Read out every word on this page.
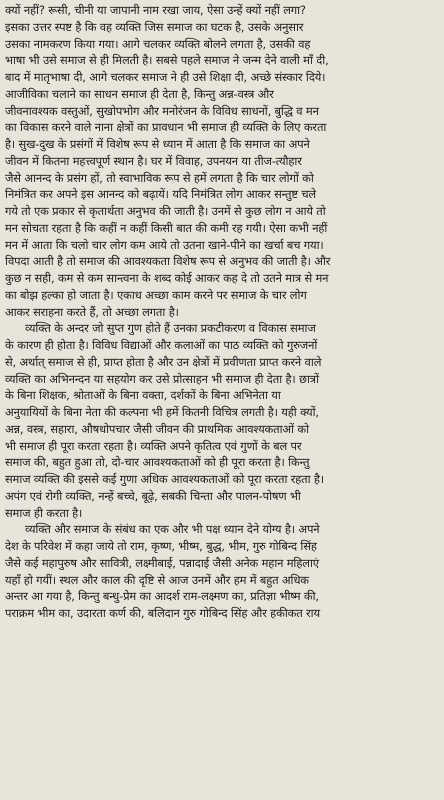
क्यों नहीं? रूसी, चीनी या जापानी नाम रखा जाय, ऐसा उन्हें क्यों नहीं लगा?
इसका उत्तर स्पष्ट है कि वह व्यक्ति जिस समाज का घटक है, उसके अनुसार
उसका नामकरण किया गया। आगे चलकर व्यक्ति बोलने लगता है, उसकी वह
भाषा भी उसे समाज से ही मिलती है। सबसे पहले समाज ने जन्म देने वाली माँ दी,
बाद में मातृभाषा दी, आगे चलकर समाज ने ही उसे शिक्षा दी, अच्छे संस्कार दिये।
आजीविका चलाने का साधन समाज ही देता है, किन्तु अन्न-वस्त्र और
जीवनावश्यक वस्तुओं, सुखोपभोग और मनोरंजन के विविध साधनों, बुद्धि व मन
का विकास करने वाले नाना क्षेत्रों का प्रावधान भी समाज ही व्यक्ति के लिए करता
है। सुख-दुख के प्रसंगों में विशेष रूप से ध्यान में आता है कि समाज का अपने
जीवन में कितना महत्त्वपूर्ण स्थान है। घर में विवाह, उपनयन या तीज-त्यौहार
जैसे आनन्द के प्रसंग हों, तो स्वाभाविक रूप से हमें लगता है कि चार लोगों को
निमंत्रित कर अपने इस आनन्द को बढ़ायें। यदि निमंत्रित लोग आकर सन्तुष्ट चले
गये तो एक प्रकार से कृतार्थता अनुभव की जाती है। उनमें से कुछ लोग न आये तो
मन सोचता रहता है कि कहीं न कहीं किसी बात की कमी रह गयी। ऐसा कभी नहीं
मन में आता कि चलो चार लोग कम आये तो उतना खाने-पीने का खर्चा बच गया।
विपदा आती है तो समाज की आवश्यकता विशेष रूप से अनुभव की जाती है। और
कुछ न सही, कम से कम सान्त्वना के शब्द कोई आकर कह दे तो उतने मात्र से मन
का बोझ हल्का हो जाता है। एकाध अच्छा काम करने पर समाज के चार लोग
आकर सराहना करते हैं, तो अच्छा लगता है।
व्यक्ति के अन्दर जो सुप्त गुण होते हैं उनका प्रकटीकरण व विकास समाज
के कारण ही होता है। विविध विद्याओं और कलाओं का पाठ व्यक्ति को गुरुजनों
से, अर्थात् समाज से ही, प्राप्त होता है और उन क्षेत्रों में प्रवीणता प्राप्त करने वाले
व्यक्ति का अभिनन्दन या सहयोग कर उसे प्रोत्साहन भी समाज ही देता है। छात्रों
के बिना शिक्षक, श्रोताओं के बिना वक्ता, दर्शकों के बिना अभिनेता या
अनुयायियों के बिना नेता की कल्पना भी हमें कितनी विचित्र लगती है। यही क्यों,
अन्न, वस्त्र, सहारा, औषधोपचार जैसी जीवन की प्राथमिक आवश्यकताओं को
भी समाज ही पूरा करता रहता है। व्यक्ति अपने कृतित्व एवं गुणों के बल पर
समाज की, बहुत हुआ तो, दो-चार आवश्यकताओं को ही पूरा करता है। किन्तु
समाज व्यक्ति की इससे कई गुणा अधिक आवश्यकताओं को पूरा करता रहता है।
अपंग एवं रोगी व्यक्ति, नन्हें बच्चे, बूढ़े, सबकी चिन्ता और पालन-पोषण भी
समाज ही करता है।
व्यक्ति और समाज के संबंध का एक और भी पक्ष ध्यान देने योग्य है। अपने
देश के परिवेश में कहा जाये तो राम, कृष्ण, भीष्म, बुद्ध, भीम, गुरु गोबिन्द सिंह
जैसे कई महापुरुष और सावित्री, लक्ष्मीबाई, पन्नादाई जैसी अनेक महान महिलाएं
यहाँ हो गयीं। स्थल और काल की दृष्टि से आज उनमें और हम में बहुत अधिक
अन्तर आ गया है, किन्तु बन्धु-प्रेम का आदर्श राम-लक्ष्मण का, प्रतिज्ञा भीष्म की,
पराक्रम भीम का, उदारता कर्ण की, बलिदान गुरु गोबिन्द सिंह और हकीकत राय
